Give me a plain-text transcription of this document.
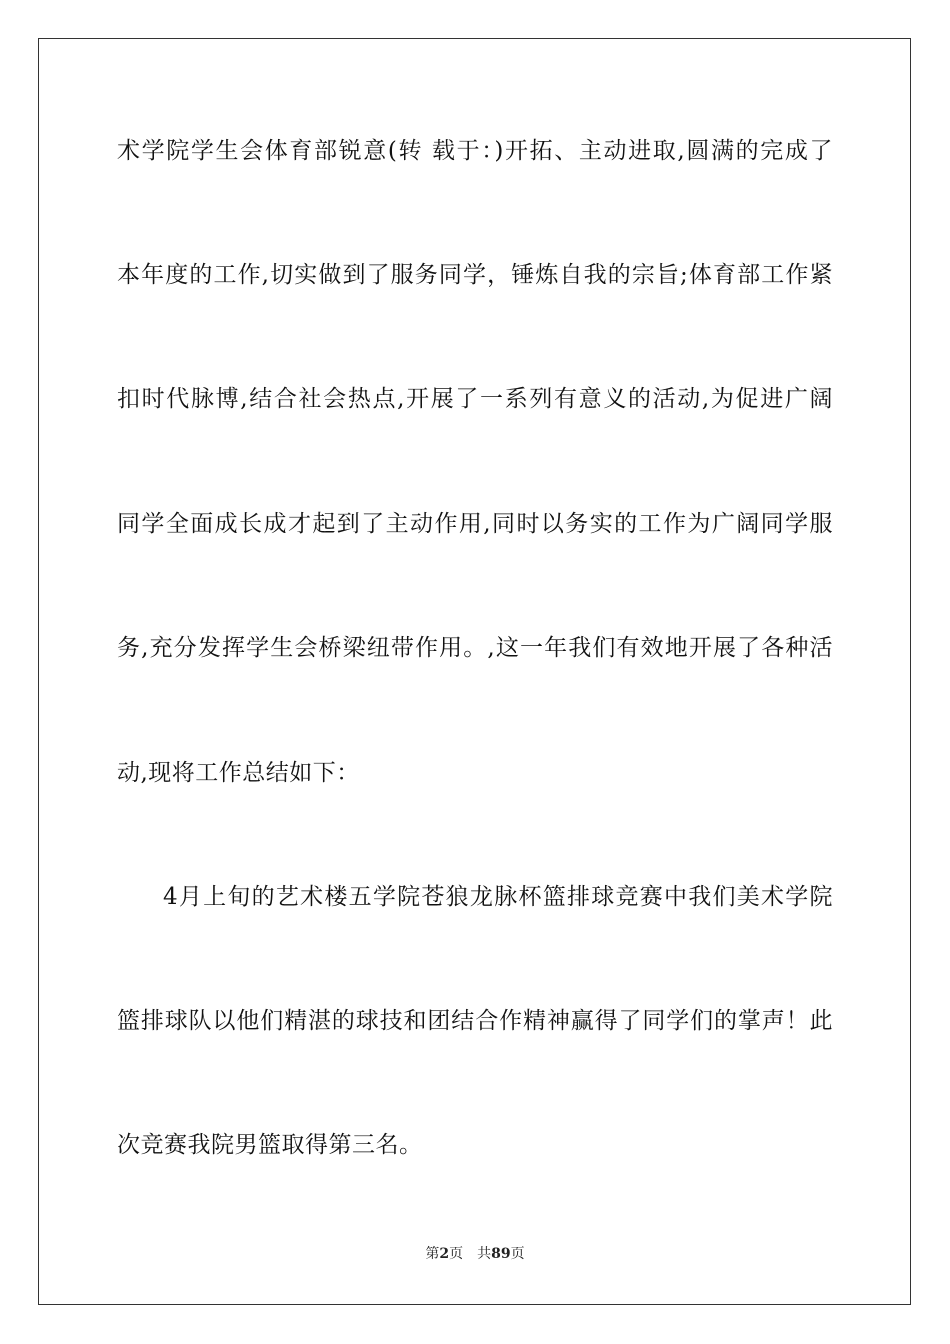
术学院学生会体育部锐意(转 载于：)开拓、主动进取,圆满的完成了
本年度的工作,切实做到了服务同学，锤炼自我的宗旨;体育部工作紧
扣时代脉博,结合社会热点,开展了一系列有意义的活动,为促进广阔
同学全面成长成才起到了主动作用,同时以务实的工作为广阔同学服
务,充分发挥学生会桥梁纽带作用。,这一年我们有效地开展了各种活
动,现将工作总结如下：
4月上旬的艺术楼五学院苍狼龙脉杯篮排球竞赛中我们美术学院
篮排球队以他们精湛的球技和团结合作精神赢得了同学们的掌声！此
次竞赛我院男篮取得第三名。
第2页 共89页
